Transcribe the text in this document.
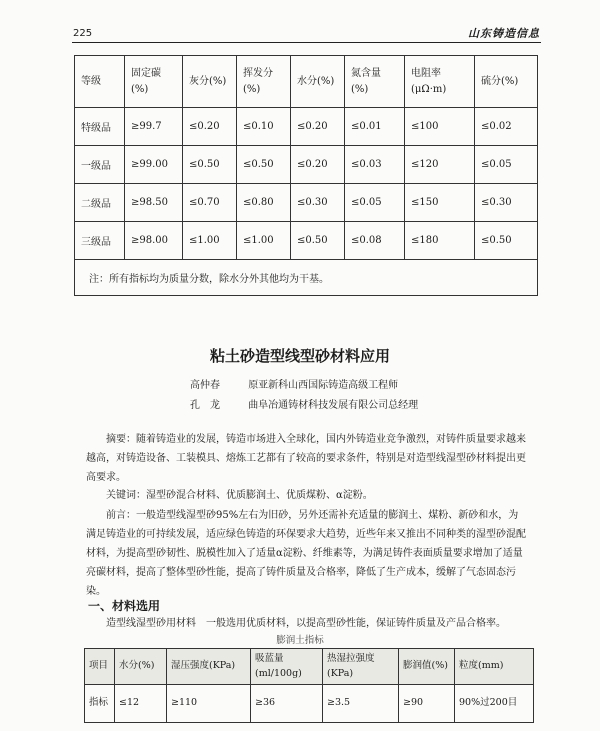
225	山东铸造信息
等级	固定碳(%)	灰分(%)	挥发分(%)	水分(%)	氮含量(%)	电阻率(μΩ·m)	硫分(%)
特级品	≥99.7	≤0.20	≤0.10	≤0.20	≤0.01	≤100	≤0.02
一级品	≥99.00	≤0.50	≤0.50	≤0.20	≤0.03	≤120	≤0.05
二级品	≥98.50	≤0.70	≤0.80	≤0.30	≤0.05	≤150	≤0.30
三级品	≥98.00	≤1.00	≤1.00	≤0.50	≤0.08	≤180	≤0.50
注：所有指标均为质量分数，除水分外其他均为干基。							
粘土砂造型线型砂材料应用
高仲春	原亚新科山西国际铸造高级工程师
孔　龙	曲阜冶通铸材科技发展有限公司总经理
摘要：随着铸造业的发展，铸造市场进入全球化，国内外铸造业竞争激烈，对铸件质量要求越来越高，对铸造设备、工装模具、熔炼工艺都有了较高的要求条件，特别是对造型线湿型砂材料提出更高要求。
关键词：湿型砂混合材料、优质膨润土、优质煤粉、α淀粉。
前言：一般造型线湿型砂95%左右为旧砂，另外还需补充适量的膨润土、煤粉、新砂和水，为满足铸造业的可持续发展，适应绿色铸造的环保要求大趋势，近些年来又推出不同种类的湿型砂混配材料，为提高型砂韧性、脱模性加入了适量α淀粉、纤维素等，为满足铸件表面质量要求增加了适量亮碳材料，提高了整体型砂性能，提高了铸件质量及合格率，降低了生产成本，缓解了气态固态污染。
一、材料选用
造型线湿型砂用材料　一般选用优质材料，以提高型砂性能，保证铸件质量及产品合格率。
膨润土指标
项目	水分(%)	湿压强度(KPa)	吸蓝量(ml/100g)	热湿拉强度(KPa)	膨润值(%)	粒度(mm)
指标	≤12	≥110	≥36	≥3.5	≥90	90%过200目
